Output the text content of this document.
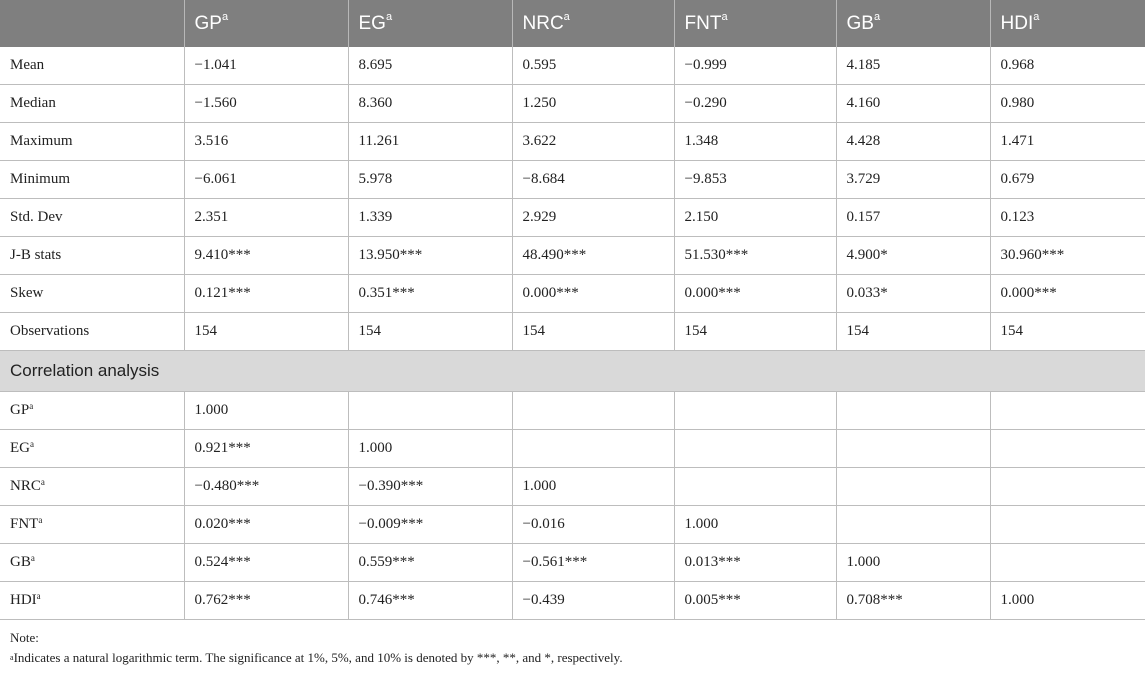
	$GP^a$	$EG^a$	NRC$^a$	FNT$^a$	$GB^a$	HDI$^a$
Mean	−1.041	8.695	0.595	−0.999	4.185	0.968
Median	−1.560	8.360	1.250	−0.290	4.160	0.980
Maximum	3.516	11.261	3.622	1.348	4.428	1.471
Minimum	−6.061	5.978	−8.684	−9.853	3.729	0.679
Std. Dev	2.351	1.339	2.929	2.150	0.157	0.123
J-B stats	9.410***	13.950***	48.490***	51.530***	4.900*	30.960***
Skew	0.121***	0.351***	0.000***	0.000***	0.033*	0.000***
Observations	154	154	154	154	154	154
Correlation analysis						
$GP^a$	1.000					
$EG^a$	0.921***	1.000				
$NRC^a$	−0.480***	−0.390***	1.000			
FNT$^a$	0.020***	−0.009***	−0.016	1.000		
$GB^a$	0.524***	0.559***	−0.561***	0.013***	1.000	
HDI$^a$	0.762***	0.746***	−0.439	0.005***	0.708***	1.000
Note:
$^a$Indicates a natural logarithmic term. The significance at 1%, 5%, and 10% is denoted by ***, **, and *, respectively.
